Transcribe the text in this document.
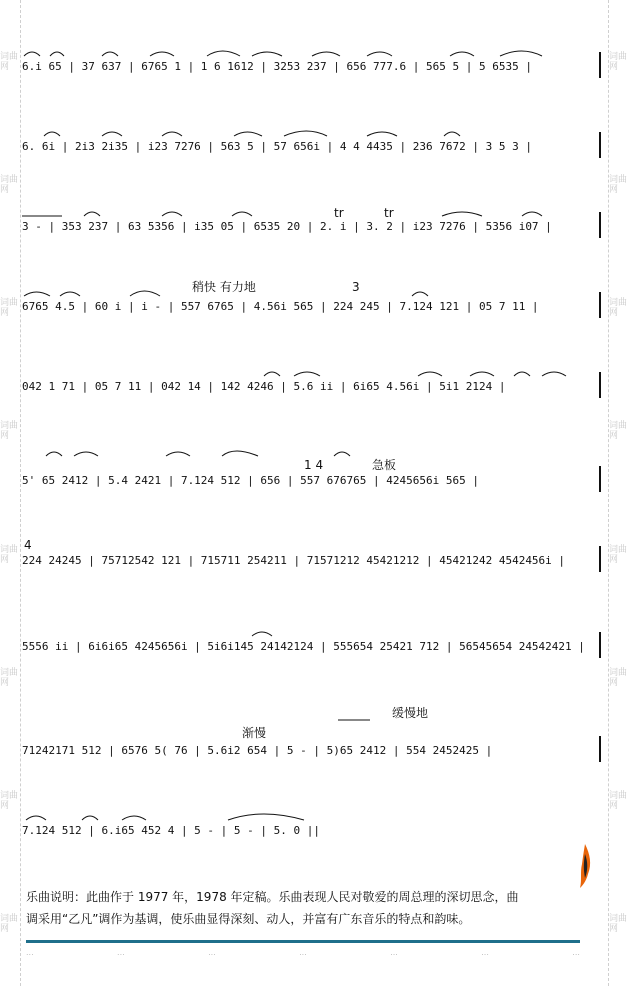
词曲网
词曲网
词曲网
词曲网
词曲网
词曲网
词曲网
词曲网
词曲网
词曲网
词曲网
词曲网
词曲网
词曲网
词曲网
词曲网
6.i 65 | 37 637 | 6765 1 | 1 6 1612 | 3253 237 | 656 777.6 | 565 5 | 5 6535 |
6. 6i | 2i3 2i35 | i23 7276 | 563 5 | 57 656i | 4 4 4435 | 236 7672 | 3 5 3 |
tr	tr
3 - | 353 237 | 63 5356 | i35 05 | 6535 20 | 2. i | 3. 2 | i23 7276 | 5356 i07 |
稍快 有力地	3
6765 4.5 | 60 i | i - | 557 6765 | 4.56i 565 | 224 245 | 7.124 121 | 05 7 11 |
042 1 71 | 05 7 11 | 042 14 | 142 4246 | 5.6 ii | 6i65 4.56i | 5i1 2124 |
1 4	急板
5' 65 2412 | 5.4 2421 | 7.124 512 | 656 | 557 676765 | 4245656i 565 |
4
224 24245 | 75712542 121 | 715711 254211 | 71571212 45421212 | 45421242 4542456i |
5556 ii | 6i6i65 4245656i | 5i6i145 24142124 | 555654 25421 712 | 56545654 24542421 |
渐慢
缓慢地
71242171 512 | 6576 5( 76 | 5.6i2 654 | 5 - | 5)65 2412 | 554 2452425 |
7.124 512 | 6.i65 452 4 | 5 - | 5 - | 5. 0 ||
乐曲说明：此曲作于 1977 年，1978 年定稿。乐曲表现人民对敬爱的周总理的深切思念，曲
调采用“乙凡”调作为基调，使乐曲显得深刻、动人，并富有广东音乐的特点和韵味。
...	...	...	...	...	...	...
